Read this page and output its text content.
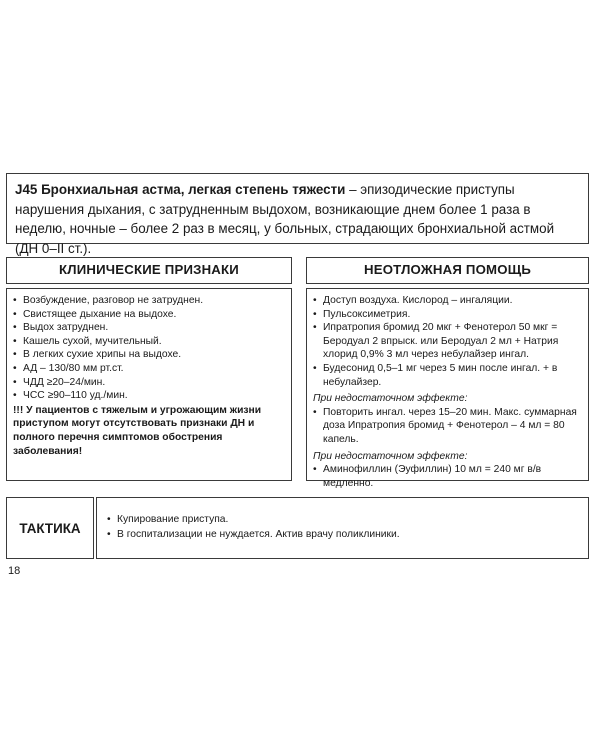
J45 Бронхиальная астма, легкая степень тяжести – эпизодические приступы нарушения дыхания, с затрудненным выдохом, возникающие днем более 1 раза в неделю, ночные – более 2 раз в месяц, у больных, страдающих бронхиальной астмой (ДН 0–II ст.).
КЛИНИЧЕСКИЕ ПРИЗНАКИ	НЕОТЛОЖНАЯ ПОМОЩЬ
• Возбуждение, разговор не затруднен.
• Свистящее дыхание на выдохе.
• Выдох затруднен.
• Кашель сухой, мучительный.
• В легких сухие хрипы на выдохе.
• АД – 130/80 мм рт.ст.
• ЧДД ≥20–24/мин.
• ЧСС ≥90–110 уд./мин.
!!! У пациентов с тяжелым и угрожающим жизни приступом могут отсутствовать признаки ДН и полного перечня симптомов обострения заболевания!
• Доступ воздуха. Кислород – ингаляции.
• Пульсоксиметрия.
• Ипратропия бромид 20 мкг + Фенотерол 50 мкг = Беродуал 2 впрыск. или Беродуал 2 мл + Натрия хлорид 0,9% 3 мл через небулайзер ингал.
• Будесонид 0,5–1 мг через 5 мин после ингал. + в небулайзер.
При недостаточном эффекте:
• Повторить ингал. через 15–20 мин. Макс. суммарная доза Ипратропия бромид + Фенотерол – 4 мл = 80 капель.
При недостаточном эффекте:
• Аминофиллин (Эуфиллин) 10 мл = 240 мг в/в медленно.
ТАКТИКА
• Купирование приступа.
• В госпитализации не нуждается. Актив врачу поликлиники.
18
